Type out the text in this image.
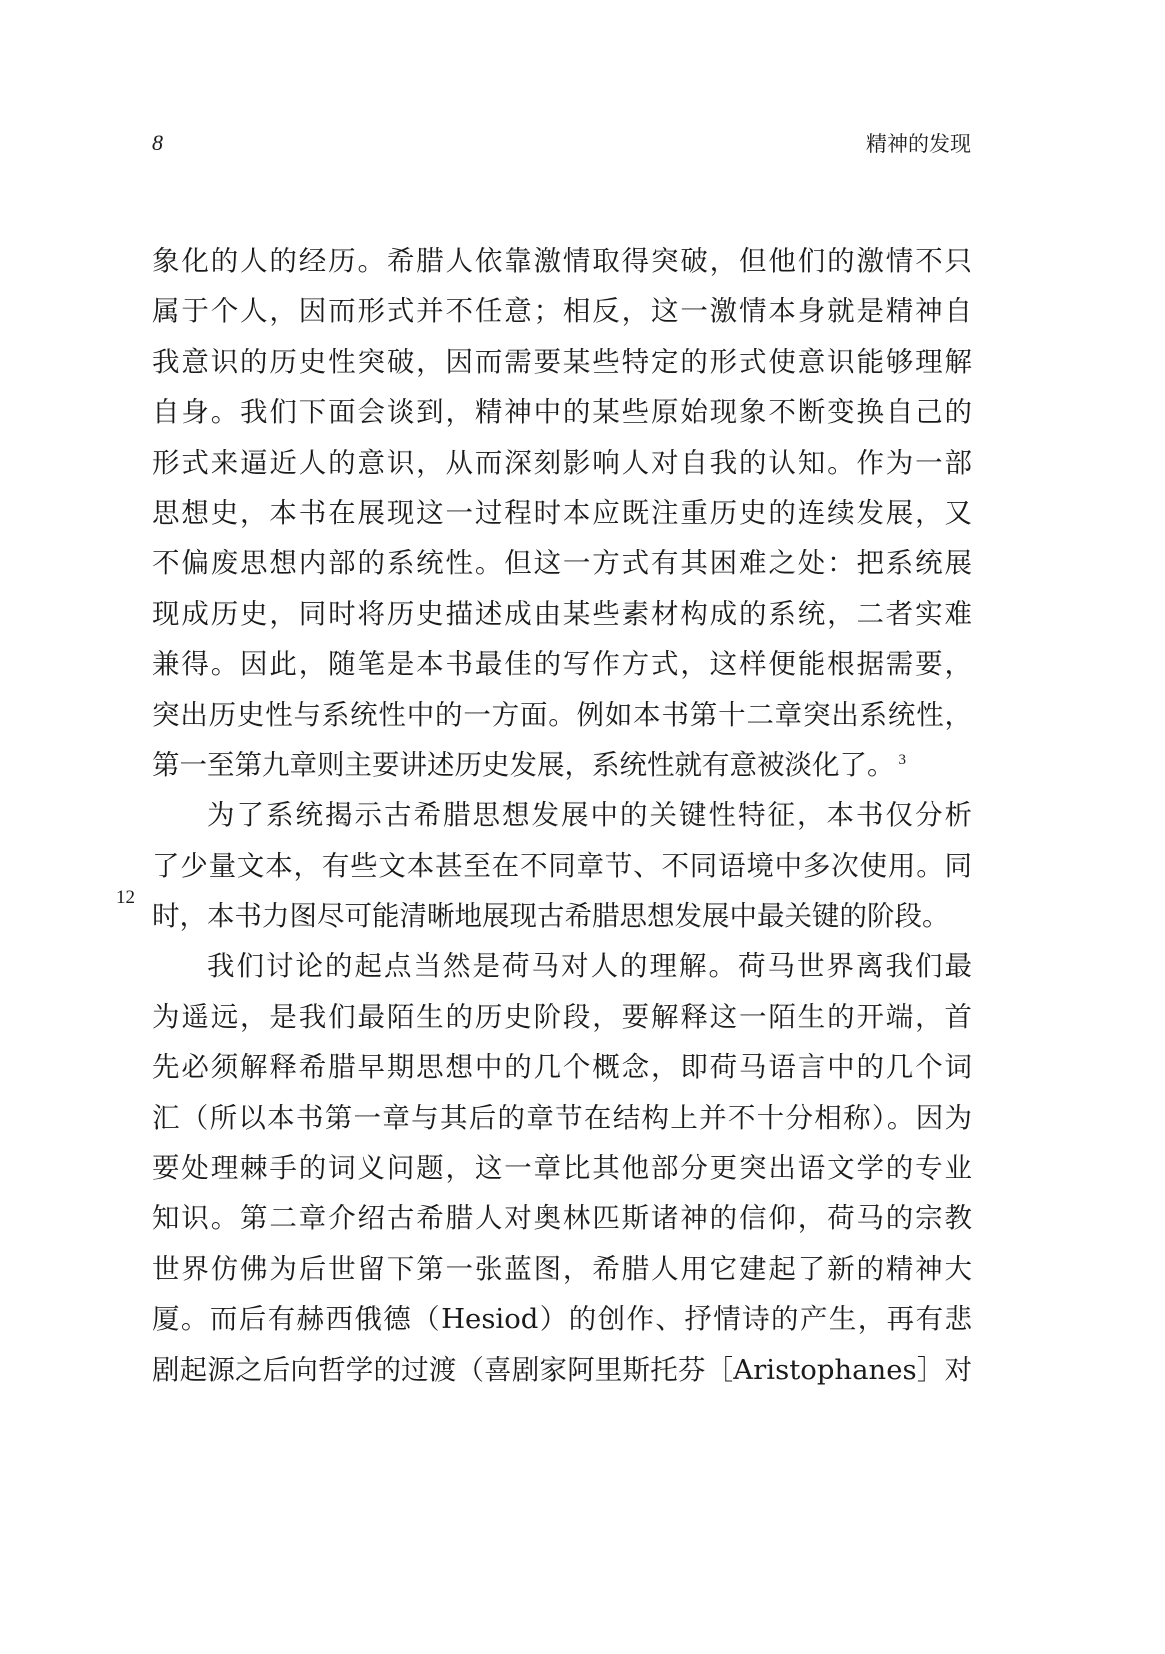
8	精神的发现
12
象化的人的经历。希腊人依靠激情取得突破，但他们的激情不只
属于个人，因而形式并不任意；相反，这一激情本身就是精神自
我意识的历史性突破，因而需要某些特定的形式使意识能够理解
自身。我们下面会谈到，精神中的某些原始现象不断变换自己的
形式来逼近人的意识，从而深刻影响人对自我的认知。作为一部
思想史，本书在展现这一过程时本应既注重历史的连续发展，又
不偏废思想内部的系统性。但这一方式有其困难之处：把系统展
现成历史，同时将历史描述成由某些素材构成的系统，二者实难
兼得。因此，随笔是本书最佳的写作方式，这样便能根据需要，
突出历史性与系统性中的一方面。例如本书第十二章突出系统性，
第一至第九章则主要讲述历史发展，系统性就有意被淡化了。 $^3$
为了系统揭示古希腊思想发展中的关键性特征，本书仅分析
了少量文本，有些文本甚至在不同章节、不同语境中多次使用。同
时，本书力图尽可能清晰地展现古希腊思想发展中最关键的阶段。
我们讨论的起点当然是荷马对人的理解。荷马世界离我们最
为遥远，是我们最陌生的历史阶段，要解释这一陌生的开端，首
先必须解释希腊早期思想中的几个概念，即荷马语言中的几个词
汇（所以本书第一章与其后的章节在结构上并不十分相称）。因为
要处理棘手的词义问题，这一章比其他部分更突出语文学的专业
知识。第二章介绍古希腊人对奥林匹斯诸神的信仰，荷马的宗教
世界仿佛为后世留下第一张蓝图，希腊人用它建起了新的精神大
厦。而后有赫西俄德（Hesiod）的创作、抒情诗的产生，再有悲
剧起源之后向哲学的过渡（喜剧家阿里斯托芬［Aristophanes］对
